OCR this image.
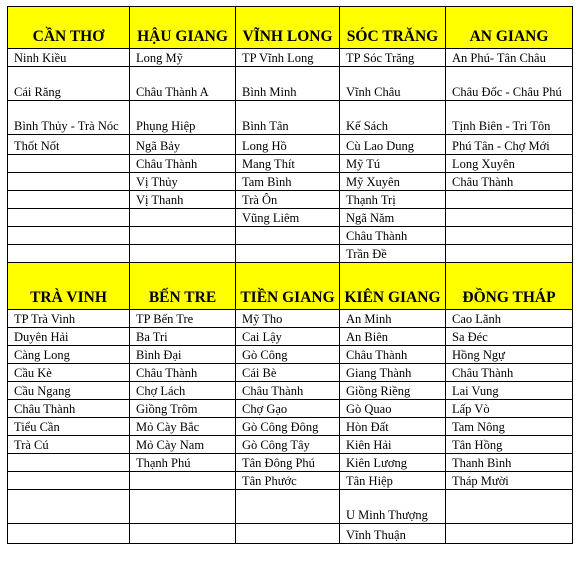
CẦN THƠ	HẬU GIANG	VĨNH LONG	SÓC TRĂNG	AN GIANG
Ninh Kiều	Long Mỹ	TP Vĩnh Long	TP Sóc Trăng	An Phú- Tân Châu
Cái Răng	Châu Thành A	Bình Minh	Vĩnh Châu	Châu Đốc - Châu Phú
Bình Thủy - Trà Nóc	Phụng Hiệp	Bình Tân	Kế Sách	Tịnh Biên - Tri Tôn
Thốt Nốt	Ngã Bảy	Long Hồ	Cù Lao Dung	Phú Tân - Chợ Mới
	Châu Thành	Mang Thít	Mỹ Tú	Long Xuyên
	Vị Thủy	Tam Bình	Mỹ Xuyên	Châu Thành
	Vị Thanh	Trà Ôn	Thạnh Trị	
		Vũng Liêm	Ngã Năm	
			Châu Thành	
			Trần Đề	
TRÀ VINH	BẾN TRE	TIỀN GIANG	KIÊN GIANG	ĐỒNG THÁP
TP Trà Vinh	TP Bến Tre	Mỹ Tho	An Minh	Cao Lãnh
Duyên Hải	Ba Tri	Cai Lậy	An Biên	Sa Đéc
Càng Long	Bình Đại	Gò Công	Châu Thành	Hồng Ngự
Cầu Kè	Châu Thành	Cái Bè	Giang Thành	Châu Thành
Cầu Ngang	Chợ Lách	Châu Thành	Giồng Riềng	Lai Vung
Châu Thành	Giồng Trôm	Chợ Gạo	Gò Quao	Lấp Vò
Tiểu Cần	Mỏ Cày Bắc	Gò Công Đông	Hòn Đất	Tam Nông
Trà Cú	Mỏ Cày Nam	Gò Công Tây	Kiên Hải	Tân Hồng
	Thạnh Phú	Tân Đông Phú	Kiên Lương	Thanh Bình
		Tân Phước	Tân Hiệp	Tháp Mười
			U Minh Thượng	
			Vĩnh Thuận	
